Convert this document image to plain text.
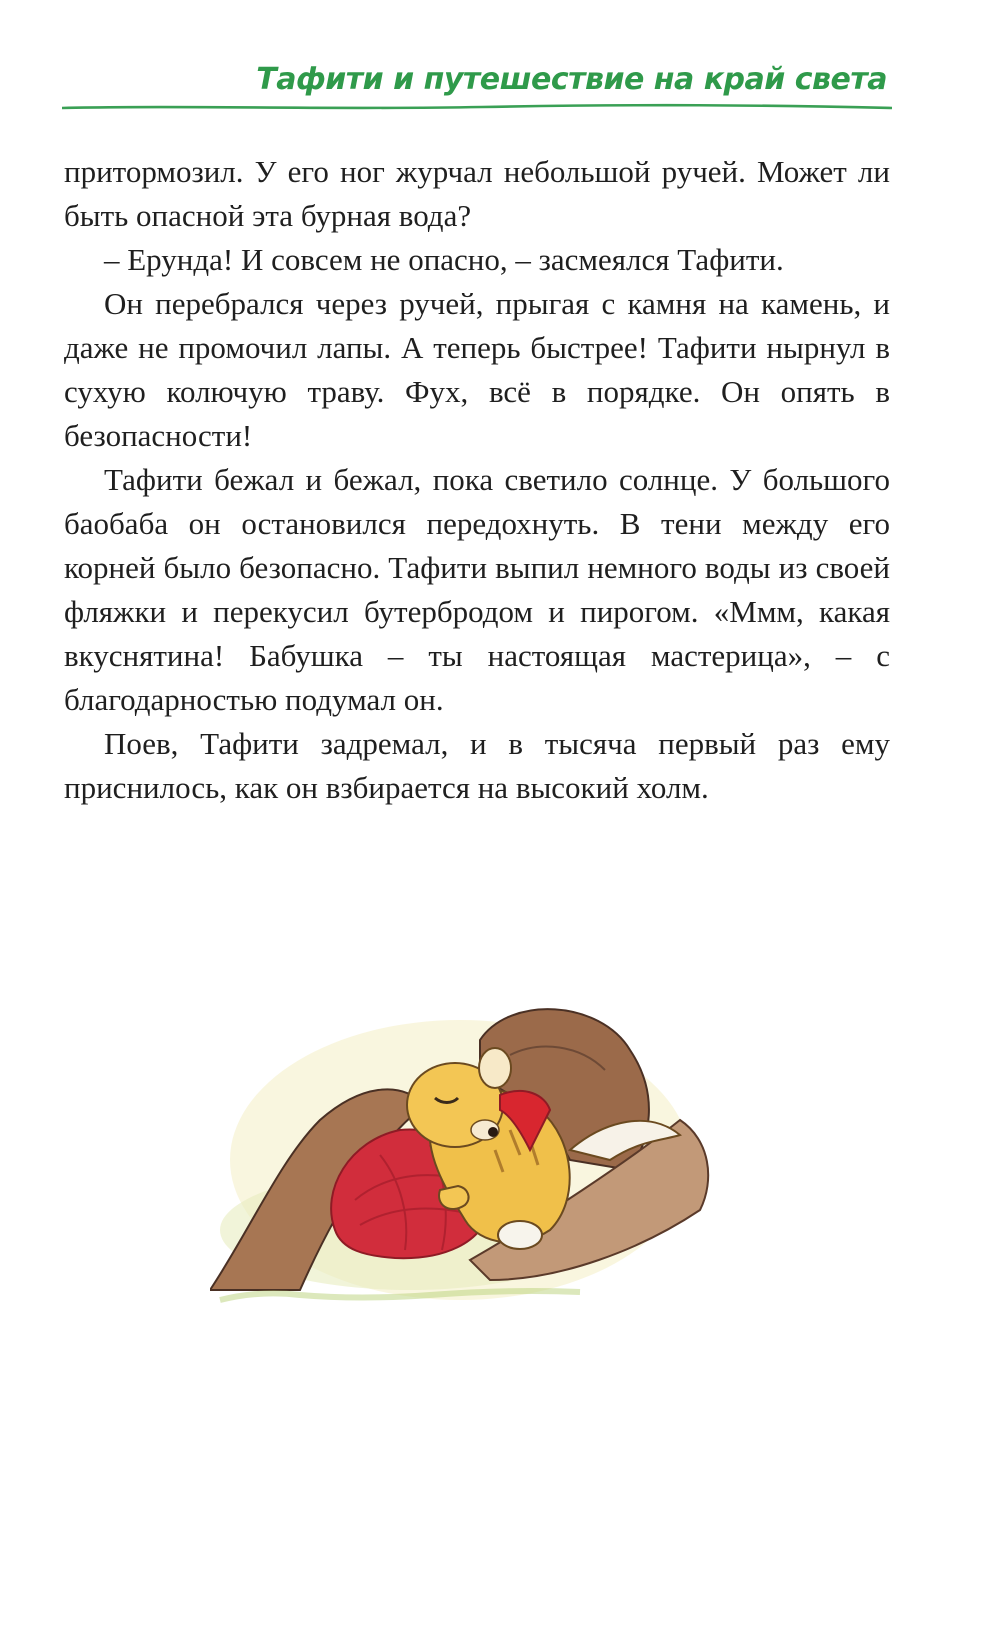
Тафити и путешествие на край света

притормозил. У его ног журчал небольшой ручей. Может ли быть опасной эта бурная вода?

– Ерунда! И совсем не опасно, – засмеялся Тафити.

Он перебрался через ручей, прыгая с камня на камень, и даже не промочил лапы. А теперь быстрее! Тафити нырнул в сухую колючую траву. Фух, всё в порядке. Он опять в безопасности!

Тафити бежал и бежал, пока светило солнце. У большого баобаба он остановился передохнуть. В тени между его корней было безопасно. Тафити выпил немного воды из своей фляжки и перекусил бутербродом и пирогом. «Ммм, какая вкуснятина! Бабушка – ты настоящая мастерица», – с благодарностью подумал он.

Поев, Тафити задремал, и в тысяча первый раз ему приснилось, как он взбирается на высокий холм.
